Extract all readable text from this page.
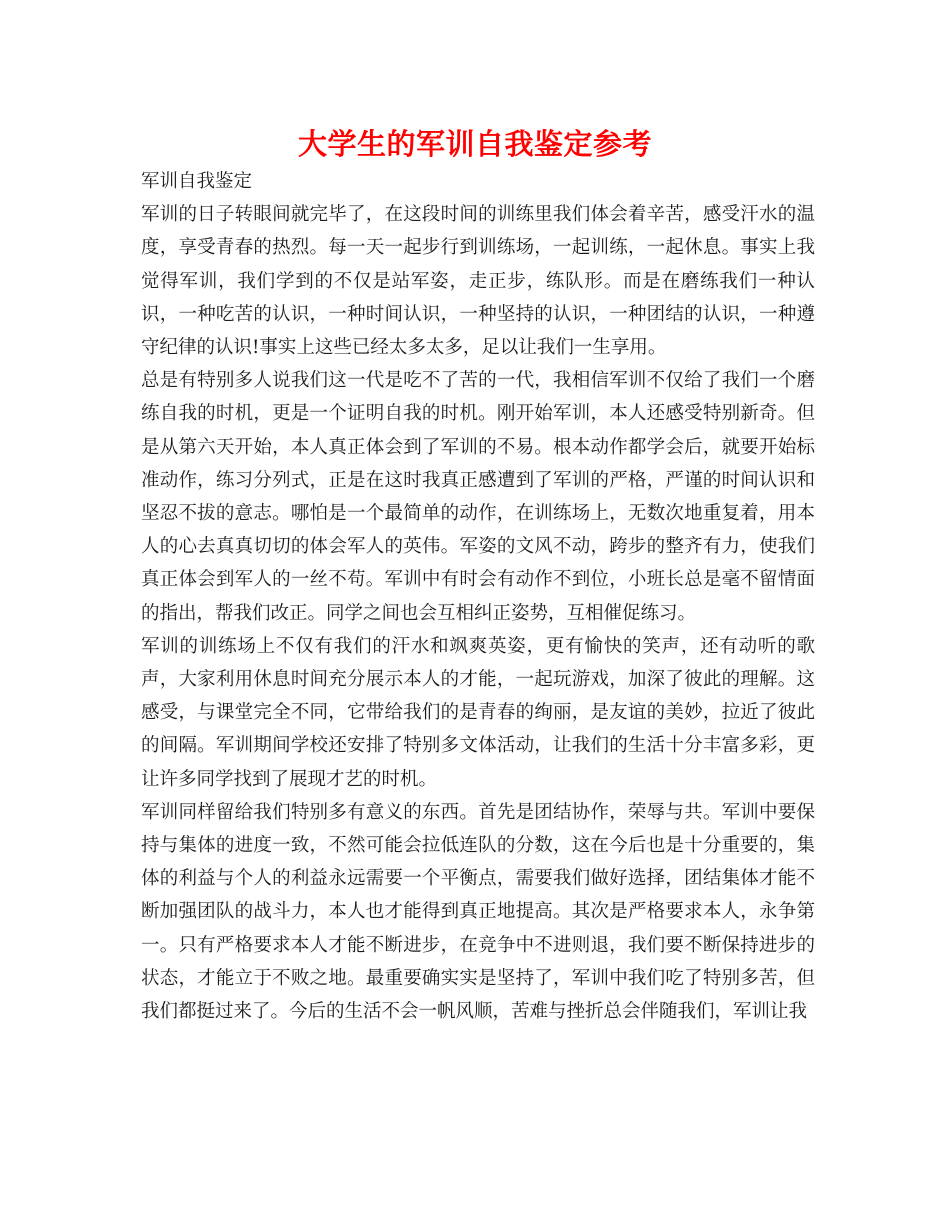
大学生的军训自我鉴定参考

军训自我鉴定

军训的日子转眼间就完毕了，在这段时间的训练里我们体会着辛苦，感受汗水的温度，享受青春的热烈。每一天一起步行到训练场，一起训练，一起休息。事实上我觉得军训，我们学到的不仅是站军姿，走正步，练队形。而是在磨练我们一种认识，一种吃苦的认识，一种时间认识，一种坚持的认识，一种团结的认识，一种遵守纪律的认识!事实上这些已经太多太多，足以让我们一生享用。

总是有特别多人说我们这一代是吃不了苦的一代，我相信军训不仅给了我们一个磨练自我的时机，更是一个证明自我的时机。刚开始军训，本人还感受特别新奇。但是从第六天开始，本人真正体会到了军训的不易。根本动作都学会后，就要开始标准动作，练习分列式，正是在这时我真正感遭到了军训的严格，严谨的时间认识和坚忍不拔的意志。哪怕是一个最简单的动作，在训练场上，无数次地重复着，用本人的心去真真切切的体会军人的英伟。军姿的文风不动，跨步的整齐有力，使我们真正体会到军人的一丝不苟。军训中有时会有动作不到位，小班长总是毫不留情面的指出，帮我们改正。同学之间也会互相纠正姿势，互相催促练习。

军训的训练场上不仅有我们的汗水和飒爽英姿，更有愉快的笑声，还有动听的歌声，大家利用休息时间充分展示本人的才能，一起玩游戏，加深了彼此的理解。这感受，与课堂完全不同，它带给我们的是青春的绚丽，是友谊的美妙，拉近了彼此的间隔。军训期间学校还安排了特别多文体活动，让我们的生活十分丰富多彩，更让许多同学找到了展现才艺的时机。

军训同样留给我们特别多有意义的东西。首先是团结协作，荣辱与共。军训中要保持与集体的进度一致，不然可能会拉低连队的分数，这在今后也是十分重要的，集体的利益与个人的利益永远需要一个平衡点，需要我们做好选择，团结集体才能不断加强团队的战斗力，本人也才能得到真正地提高。其次是严格要求本人，永争第一。只有严格要求本人才能不断进步，在竞争中不进则退，我们要不断保持进步的状态，才能立于不败之地。最重要确实实是坚持了，军训中我们吃了特别多苦，但我们都挺过来了。今后的生活不会一帆风顺，苦难与挫折总会伴随我们，军训让我
